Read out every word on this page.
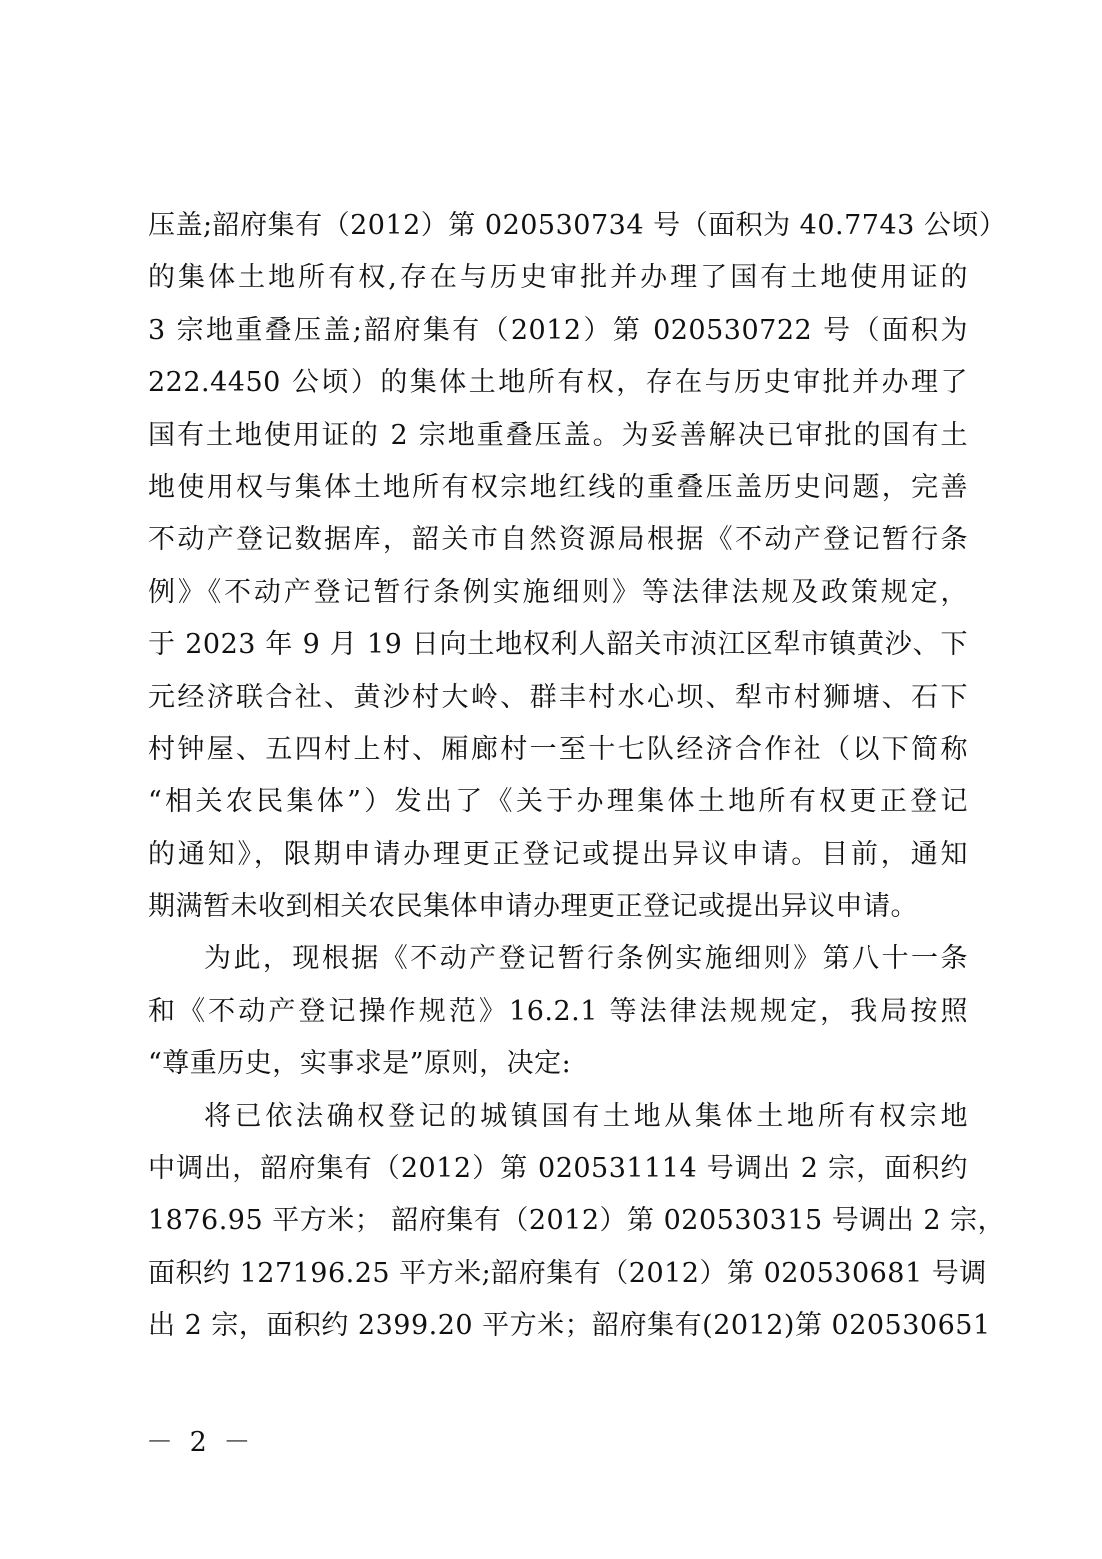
压盖;韶府集有（2012）第 020530734 号（面积为 40.7743 公顷）
的集体土地所有权,存在与历史审批并办理了国有土地使用证的
3 宗地重叠压盖;韶府集有（2012）第 020530722 号（面积为
222.4450 公顷）的集体土地所有权，存在与历史审批并办理了
国有土地使用证的 2 宗地重叠压盖。为妥善解决已审批的国有土
地使用权与集体土地所有权宗地红线的重叠压盖历史问题，完善
不动产登记数据库，韶关市自然资源局根据《不动产登记暂行条
例》《不动产登记暂行条例实施细则》等法律法规及政策规定，
于 2023 年 9 月 19 日向土地权利人韶关市浈江区犁市镇黄沙、下
元经济联合社、黄沙村大岭、群丰村水心坝、犁市村狮塘、石下
村钟屋、五四村上村、厢廊村一至十七队经济合作社（以下简称
“相关农民集体”）发出了《关于办理集体土地所有权更正登记
的通知》，限期申请办理更正登记或提出异议申请。目前，通知
期满暂未收到相关农民集体申请办理更正登记或提出异议申请。
为此，现根据《不动产登记暂行条例实施细则》第八十一条
和《不动产登记操作规范》16.2.1 等法律法规规定，我局按照
“尊重历史，实事求是”原则，决定:
将已依法确权登记的城镇国有土地从集体土地所有权宗地
中调出，韶府集有（2012）第 020531114 号调出 2 宗，面积约
1876.95 平方米； 韶府集有（2012）第 020530315 号调出 2 宗，
面积约 127196.25 平方米;韶府集有（2012）第 020530681 号调
出 2 宗，面积约 2399.20 平方米；韶府集有(2012)第 020530651
－ 2 －
